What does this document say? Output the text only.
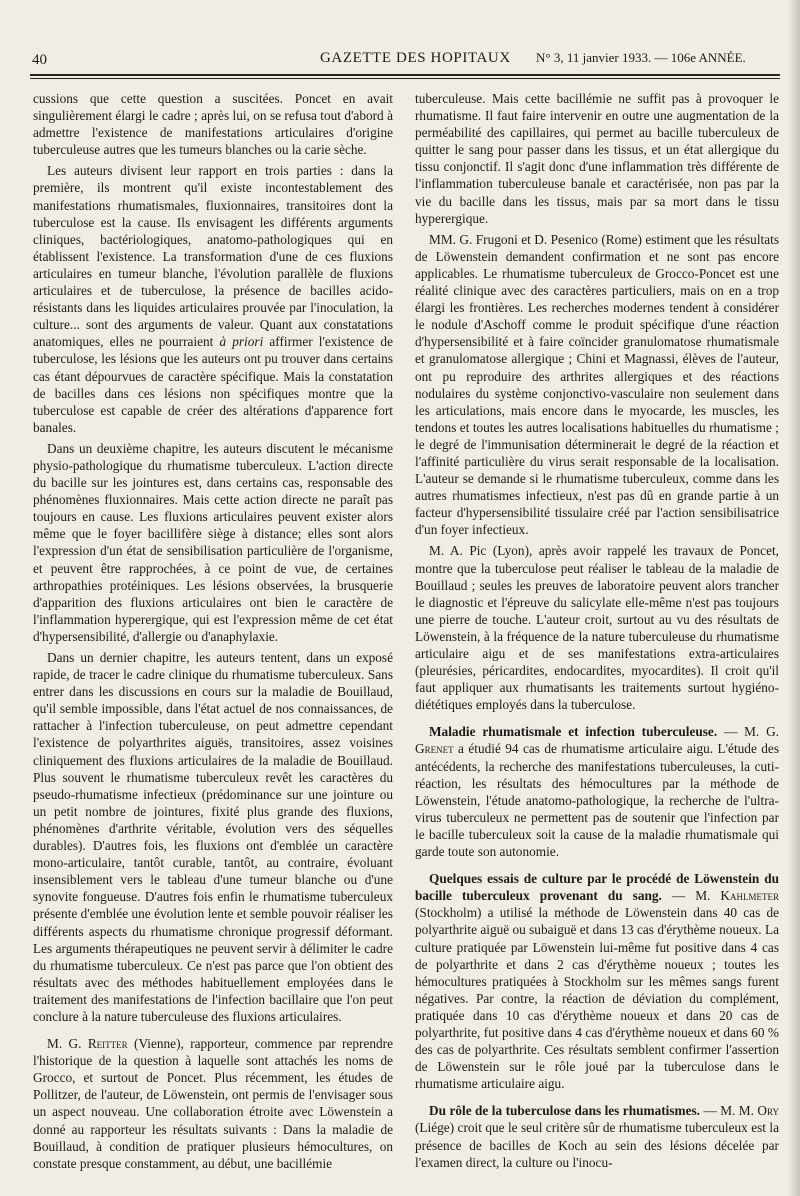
40	GAZETTE DES HOPITAUX N° 3, 11 janvier 1933. — 106e ANNÉE.

cussions que cette question a suscitées. Poncet en avait singulièrement élargi le cadre ; après lui, on se refusa tout d'abord à admettre l'existence de manifestations articulaires d'origine tuberculeuse autres que les tumeurs blanches ou la carie sèche.

Les auteurs divisent leur rapport en trois parties : dans la première, ils montrent qu'il existe incontestablement des manifestations rhumatismales, fluxionnaires, transitoires dont la tuberculose est la cause. Ils envisagent les différents arguments cliniques, bactériologiques, anatomo-pathologiques qui en établissent l'existence. La transformation d'une de ces fluxions articulaires en tumeur blanche, l'évolution parallèle de fluxions articulaires et de tuberculose, la présence de bacilles acido-résistants dans les liquides articulaires prouvée par l'inoculation, la culture... sont des arguments de valeur. Quant aux constatations anatomiques, elles ne pourraient à priori affirmer l'existence de tuberculose, les lésions que les auteurs ont pu trouver dans certains cas étant dépourvues de caractère spécifique. Mais la constatation de bacilles dans ces lésions non spécifiques montre que la tuberculose est capable de créer des altérations d'apparence fort banales.

Dans un deuxième chapitre, les auteurs discutent le mécanisme physio-pathologique du rhumatisme tuberculeux. L'action directe du bacille sur les jointures est, dans certains cas, responsable des phénomènes fluxionnaires. Mais cette action directe ne paraît pas toujours en cause. Les fluxions articulaires peuvent exister alors même que le foyer bacillifère siège à distance; elles sont alors l'expression d'un état de sensibilisation particulière de l'organisme, et peuvent être rapprochées, à ce point de vue, de certaines arthropathies protéiniques. Les lésions observées, la brusquerie d'apparition des fluxions articulaires ont bien le caractère de l'inflammation hyperergique, qui est l'expression même de cet état d'hypersensibilité, d'allergie ou d'anaphylaxie.

Dans un dernier chapitre, les auteurs tentent, dans un exposé rapide, de tracer le cadre clinique du rhumatisme tuberculeux. Sans entrer dans les discussions en cours sur la maladie de Bouillaud, qu'il semble impossible, dans l'état actuel de nos connaissances, de rattacher à l'infection tuberculeuse, on peut admettre cependant l'existence de polyarthrites aiguës, transitoires, assez voisines cliniquement des fluxions articulaires de la maladie de Bouillaud. Plus souvent le rhumatisme tuberculeux revêt les caractères du pseudo-rhumatisme infectieux (prédominance sur une jointure ou un petit nombre de jointures, fixité plus grande des fluxions, phénomènes d'arthrite véritable, évolution vers des séquelles durables). D'autres fois, les fluxions ont d'emblée un caractère mono-articulaire, tantôt curable, tantôt, au contraire, évoluant insensiblement vers le tableau d'une tumeur blanche ou d'une synovite fongueuse. D'autres fois enfin le rhumatisme tuberculeux présente d'emblée une évolution lente et semble pouvoir réaliser les différents aspects du rhumatisme chronique progressif déformant. Les arguments thérapeutiques ne peuvent servir à délimiter le cadre du rhumatisme tuberculeux. Ce n'est pas parce que l'on obtient des résultats avec des méthodes habituellement employées dans le traitement des manifestations de l'infection bacillaire que l'on peut conclure à la nature tuberculeuse des fluxions articulaires.

M. G. Reitter (Vienne), rapporteur, commence par reprendre l'historique de la question à laquelle sont attachés les noms de Grocco, et surtout de Poncet. Plus récemment, les études de Pollitzer, de l'auteur, de Löwenstein, ont permis de l'envisager sous un aspect nouveau. Une collaboration étroite avec Löwenstein a donné au rapporteur les résultats suivants : Dans la maladie de Bouillaud, à condition de pratiquer plusieurs hémocultures, on constate presque constamment, au début, une bacillémie

tuberculeuse. Mais cette bacillémie ne suffit pas à provoquer le rhumatisme. Il faut faire intervenir en outre une augmentation de la perméabilité des capillaires, qui permet au bacille tuberculeux de quitter le sang pour passer dans les tissus, et un état allergique du tissu conjonctif. Il s'agit donc d'une inflammation très différente de l'inflammation tuberculeuse banale et caractérisée, non pas par la vie du bacille dans les tissus, mais par sa mort dans le tissu hyperergique.

MM. G. Frugoni et D. Pesenico (Rome) estiment que les résultats de Löwenstein demandent confirmation et ne sont pas encore applicables. Le rhumatisme tuberculeux de Grocco-Poncet est une réalité clinique avec des caractères particuliers, mais on en a trop élargi les frontières. Les recherches modernes tendent à considérer le nodule d'Aschoff comme le produit spécifique d'une réaction d'hypersensibilité et à faire coïncider granulomatose rhumatismale et granulomatose allergique ; Chini et Magnassi, élèves de l'auteur, ont pu reproduire des arthrites allergiques et des réactions nodulaires du système conjonctivo-vasculaire non seulement dans les articulations, mais encore dans le myocarde, les muscles, les tendons et toutes les autres localisations habituelles du rhumatisme ; le degré de l'immunisation déterminerait le degré de la réaction et l'affinité particulière du virus serait responsable de la localisation. L'auteur se demande si le rhumatisme tuberculeux, comme dans les autres rhumatismes infectieux, n'est pas dû en grande partie à un facteur d'hypersensibilité tissulaire créé par l'action sensibilisatrice d'un foyer infectieux.

M. A. Pic (Lyon), après avoir rappelé les travaux de Poncet, montre que la tuberculose peut réaliser le tableau de la maladie de Bouillaud ; seules les preuves de laboratoire peuvent alors trancher le diagnostic et l'épreuve du salicylate elle-même n'est pas toujours une pierre de touche. L'auteur croit, surtout au vu des résultats de Löwenstein, à la fréquence de la nature tuberculeuse du rhumatisme articulaire aigu et de ses manifestations extra-articulaires (pleurésies, péricardites, endocardites, myocardites). Il croit qu'il faut appliquer aux rhumatisants les traitements surtout hygiéno-diététiques employés dans la tuberculose.

Maladie rhumatismale et infection tuberculeuse. — M. G. Grenet a étudié 94 cas de rhumatisme articulaire aigu. L'étude des antécédents, la recherche des manifestations tuberculeuses, la cuti-réaction, les résultats des hémocultures par la méthode de Löwenstein, l'étude anatomo-pathologique, la recherche de l'ultra-virus tuberculeux ne permettent pas de soutenir que l'infection par le bacille tuberculeux soit la cause de la maladie rhumatismale qui garde toute son autonomie.

Quelques essais de culture par le procédé de Löwenstein du bacille tuberculeux provenant du sang. — M. Kahlmeter (Stockholm) a utilisé la méthode de Löwenstein dans 40 cas de polyarthrite aiguë ou subaiguë et dans 13 cas d'érythème noueux. La culture pratiquée par Löwenstein lui-même fut positive dans 4 cas de polyarthrite et dans 2 cas d'érythème noueux ; toutes les hémocultures pratiquées à Stockholm sur les mêmes sangs furent négatives. Par contre, la réaction de déviation du complément, pratiquée dans 10 cas d'érythème noueux et dans 20 cas de polyarthrite, fut positive dans 4 cas d'érythème noueux et dans 60 % des cas de polyarthrite. Ces résultats semblent confirmer l'assertion de Löwenstein sur le rôle joué par la tuberculose dans le rhumatisme articulaire aigu.

Du rôle de la tuberculose dans les rhumatismes. — M. M. Ory (Liége) croit que le seul critère sûr de rhumatisme tuberculeux est la présence de bacilles de Koch au sein des lésions décelée par l'examen direct, la culture ou l'inocu-
